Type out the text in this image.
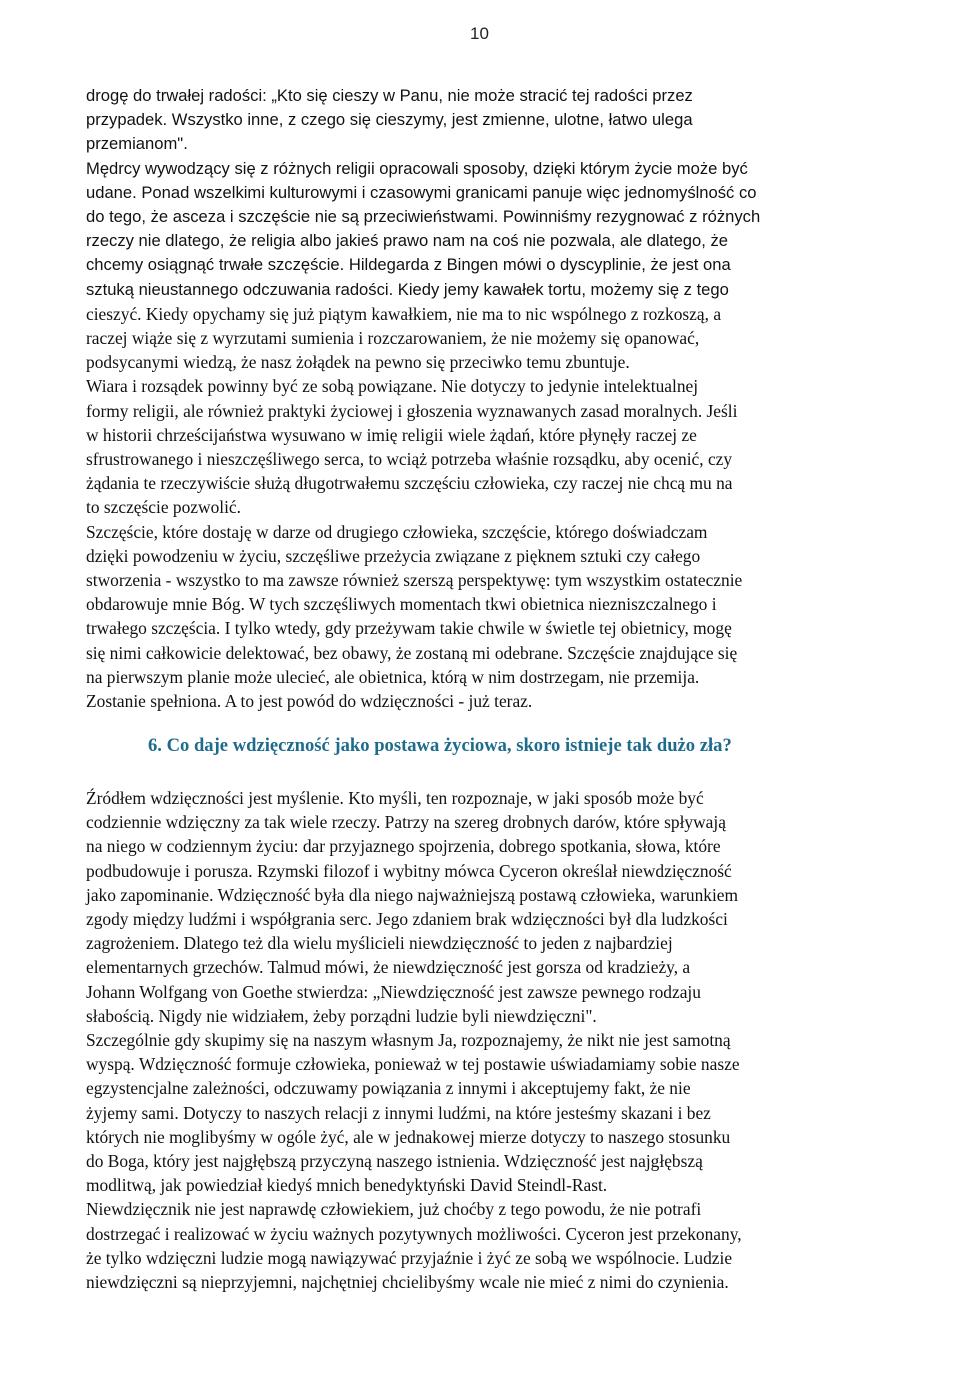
10
drogę do trwałej radości: „Kto się cieszy w Panu, nie może stracić tej radości przez
przypadek. Wszystko inne, z czego się cieszymy, jest zmienne, ulotne, łatwo ulega
przemianom".
Mędrcy wywodzący się z różnych religii opracowali sposoby, dzięki którym życie może być
udane. Ponad wszelkimi kulturowymi i czasowymi granicami panuje więc jednomyślność co
do tego, że asceza i szczęście nie są przeciwieństwami. Powinniśmy rezygnować z różnych
rzeczy nie dlatego, że religia albo jakieś prawo nam na coś nie pozwala, ale dlatego, że
chcemy osiągnąć trwałe szczęście. Hildegarda z Bingen mówi o dyscyplinie, że jest ona
sztuką nieustannego odczuwania radości. Kiedy jemy kawałek tortu, możemy się z tego
cieszyć. Kiedy opychamy się już piątym kawałkiem, nie ma to nic wspólnego z rozkoszą, a
raczej wiąże się z wyrzutami sumienia i rozczarowaniem, że nie możemy się opanować,
podsycanymi wiedzą, że nasz żołądek na pewno się przeciwko temu zbuntuje.
Wiara i rozsądek powinny być ze sobą powiązane. Nie dotyczy to jedynie intelektualnej
formy religii, ale również praktyki życiowej i głoszenia wyznawanych zasad moralnych. Jeśli
w historii chrześcijaństwa wysuwano w imię religii wiele żądań, które płynęły raczej ze
sfrustrowanego i nieszczęśliwego serca, to wciąż potrzeba właśnie rozsądku, aby ocenić, czy
żądania te rzeczywiście służą długotrwałemu szczęściu człowieka, czy raczej nie chcą mu na
to szczęście pozwolić.
Szczęście, które dostaję w darze od drugiego człowieka, szczęście, którego doświadczam
dzięki powodzeniu w życiu, szczęśliwe przeżycia związane z pięknem sztuki czy całego
stworzenia - wszystko to ma zawsze również szerszą perspektywę: tym wszystkim ostatecznie
obdarowuje mnie Bóg. W tych szczęśliwych momentach tkwi obietnica niezniszczalnego i
trwałego szczęścia. I tylko wtedy, gdy przeżywam takie chwile w świetle tej obietnicy, mogę
się nimi całkowicie delektować, bez obawy, że zostaną mi odebrane. Szczęście znajdujące się
na pierwszym planie może ulecieć, ale obietnica, którą w nim dostrzegam, nie przemija.
Zostanie spełniona. A to jest powód do wdzięczności - już teraz.
6. Co daje wdzięczność jako postawa życiowa, skoro istnieje tak dużo zła?
Źródłem wdzięczności jest myślenie. Kto myśli, ten rozpoznaje, w jaki sposób może być
codziennie wdzięczny za tak wiele rzeczy. Patrzy na szereg drobnych darów, które spływają
na niego w codziennym życiu: dar przyjaznego spojrzenia, dobrego spotkania, słowa, które
podbudowuje i porusza. Rzymski filozof i wybitny mówca Cyceron określał niewdzięczność
jako zapominanie. Wdzięczność była dla niego najważniejszą postawą człowieka, warunkiem
zgody między ludźmi i współgrania serc. Jego zdaniem brak wdzięczności był dla ludzkości
zagrożeniem. Dlatego też dla wielu myślicieli niewdzięczność to jeden z najbardziej
elementarnych grzechów. Talmud mówi, że niewdzięczność jest gorsza od kradzieży, a
Johann Wolfgang von Goethe stwierdza: „Niewdzięczność jest zawsze pewnego rodzaju
słabością. Nigdy nie widziałem, żeby porządni ludzie byli niewdzięczni".
Szczególnie gdy skupimy się na naszym własnym Ja, rozpoznajemy, że nikt nie jest samotną
wyspą. Wdzięczność formuje człowieka, ponieważ w tej postawie uświadamiamy sobie nasze
egzystencjalne zależności, odczuwamy powiązania z innymi i akceptujemy fakt, że nie
żyjemy sami. Dotyczy to naszych relacji z innymi ludźmi, na które jesteśmy skazani i bez
których nie moglibyśmy w ogóle żyć, ale w jednakowej mierze dotyczy to naszego stosunku
do Boga, który jest najgłębszą przyczyną naszego istnienia. Wdzięczność jest najgłębszą
modlitwą, jak powiedział kiedyś mnich benedyktyński David Steindl-Rast.
Niewdzięcznik nie jest naprawdę człowiekiem, już choćby z tego powodu, że nie potrafi
dostrzegać i realizować w życiu ważnych pozytywnych możliwości. Cyceron jest przekonany,
że tylko wdzięczni ludzie mogą nawiązywać przyjaźnie i żyć ze sobą we wspólnocie. Ludzie
niewdzięczni są nieprzyjemni, najchętniej chcielibyśmy wcale nie mieć z nimi do czynienia.
